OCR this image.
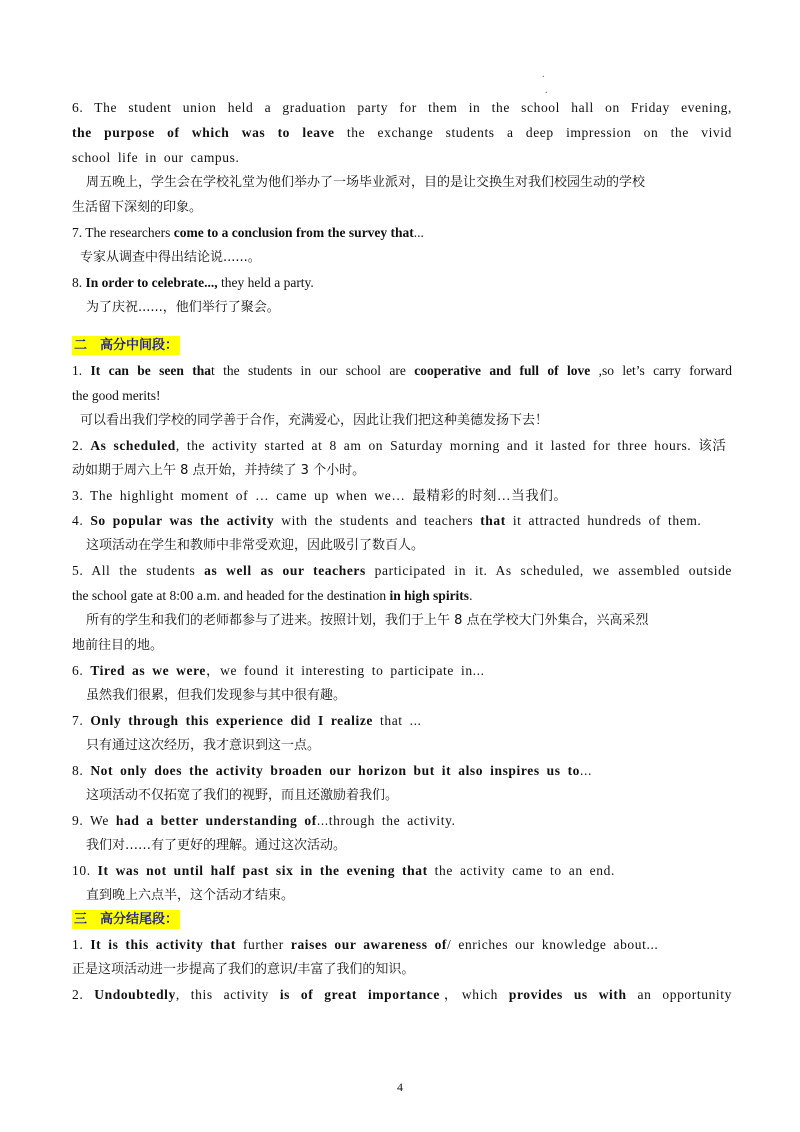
.
.
6. The student union held a graduation party for them in the school hall on Friday evening,
the purpose of which was to leave the exchange students a deep impression on the vivid
school life in our campus.
周五晚上，学生会在学校礼堂为他们举办了一场毕业派对，目的是让交换生对我们校园生动的学校
生活留下深刻的印象。
7. The researchers come to a conclusion from the survey that...
专家从调查中得出结论说......。
8. In order to celebrate..., they held a party.
为了庆祝......，他们举行了聚会。
二　高分中间段：
1. It can be seen that the students in our school are cooperative and full of love ,so let’s carry forward
the good merits!
可以看出我们学校的同学善于合作，充满爱心，因此让我们把这种美德发扬下去！
2. As scheduled, the activity started at 8 am on Saturday morning and it lasted for three hours. 该活
动如期于周六上午 8 点开始，并持续了 3 个小时。
3. The highlight moment of … came up when we… 最精彩的时刻…当我们。
4. So popular was the activity with the students and teachers that it attracted hundreds of them.
这项活动在学生和教师中非常受欢迎，因此吸引了数百人。
5. All the students as well as our teachers participated in it. As scheduled, we assembled outside
the school gate at 8:00 a.m. and headed for the destination in high spirits.
所有的学生和我们的老师都参与了进来。按照计划，我们于上午 8 点在学校大门外集合，兴高采烈
地前往目的地。
6. Tired as we were，we found it interesting to participate in...
虽然我们很累，但我们发现参与其中很有趣。
7. Only through this experience did I realize that ...
只有通过这次经历，我才意识到这一点。
8. Not only does the activity broaden our horizon but it also inspires us to...
这项活动不仅拓宽了我们的视野，而且还激励着我们。
9. We had a better understanding of...through the activity.
我们对……有了更好的理解。通过这次活动。
10. It was not until half past six in the evening that the activity came to an end.
直到晚上六点半，这个活动才结束。
三　高分结尾段：
1. It is this activity that further raises our awareness of/ enriches our knowledge about...
正是这项活动进一步提高了我们的意识/丰富了我们的知识。
2. Undoubtedly, this activity is of great importance，which provides us with an opportunity
4
